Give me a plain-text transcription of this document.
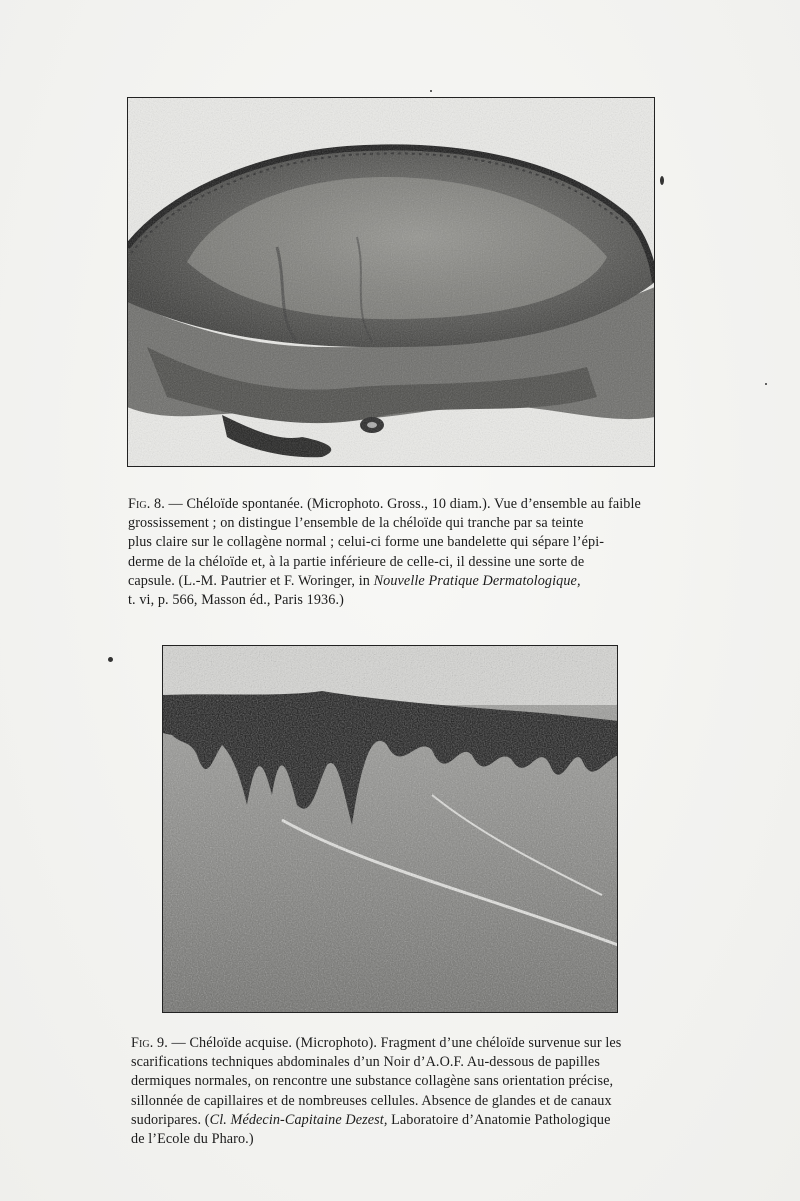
Fig. 8. — Chéloïde spontanée. (Microphoto. Gross., 10 diam.). Vue d’ensemble au faible
grossissement ; on distingue l’ensemble de la chéloïde qui tranche par sa teinte
plus claire sur le collagène normal ; celui-ci forme une bandelette qui sépare l’épi-
derme de la chéloïde et, à la partie inférieure de celle-ci, il dessine une sorte de
capsule. (L.-M. Pautrier et F. Woringer, in Nouvelle Pratique Dermatologique,
t. vi, p. 566, Masson éd., Paris 1936.)
Fig. 9. — Chéloïde acquise. (Microphoto). Fragment d’une chéloïde survenue sur les
scarifications techniques abdominales d’un Noir d’A.O.F. Au-dessous de papilles
dermiques normales, on rencontre une substance collagène sans orientation précise,
sillonnée de capillaires et de nombreuses cellules. Absence de glandes et de canaux
sudoripares. (Cl. Médecin-Capitaine Dezest, Laboratoire d’Anatomie Pathologique
de l’Ecole du Pharo.)
